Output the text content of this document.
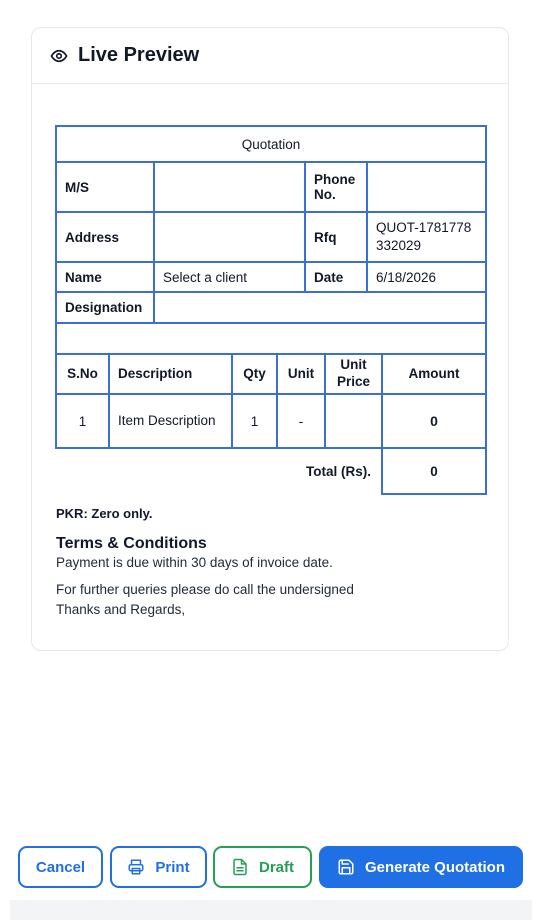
Live Preview
Quotation								
M/S					Phone No.			
Address					Rfq		QUOT-1781778332029	
Name		Select a client			Date		6/18/2026	
Designation								

S.No	Description		Qty	Unit		Unit Price		Amount
1	Item Description		1	-				0
Total (Rs).								0
PKR: Zero only.
Terms & Conditions
Payment is due within 30 days of invoice date.
For further queries please do call the undersigned
Thanks and Regards,
Cancel	Print	Draft	Generate Quotation
